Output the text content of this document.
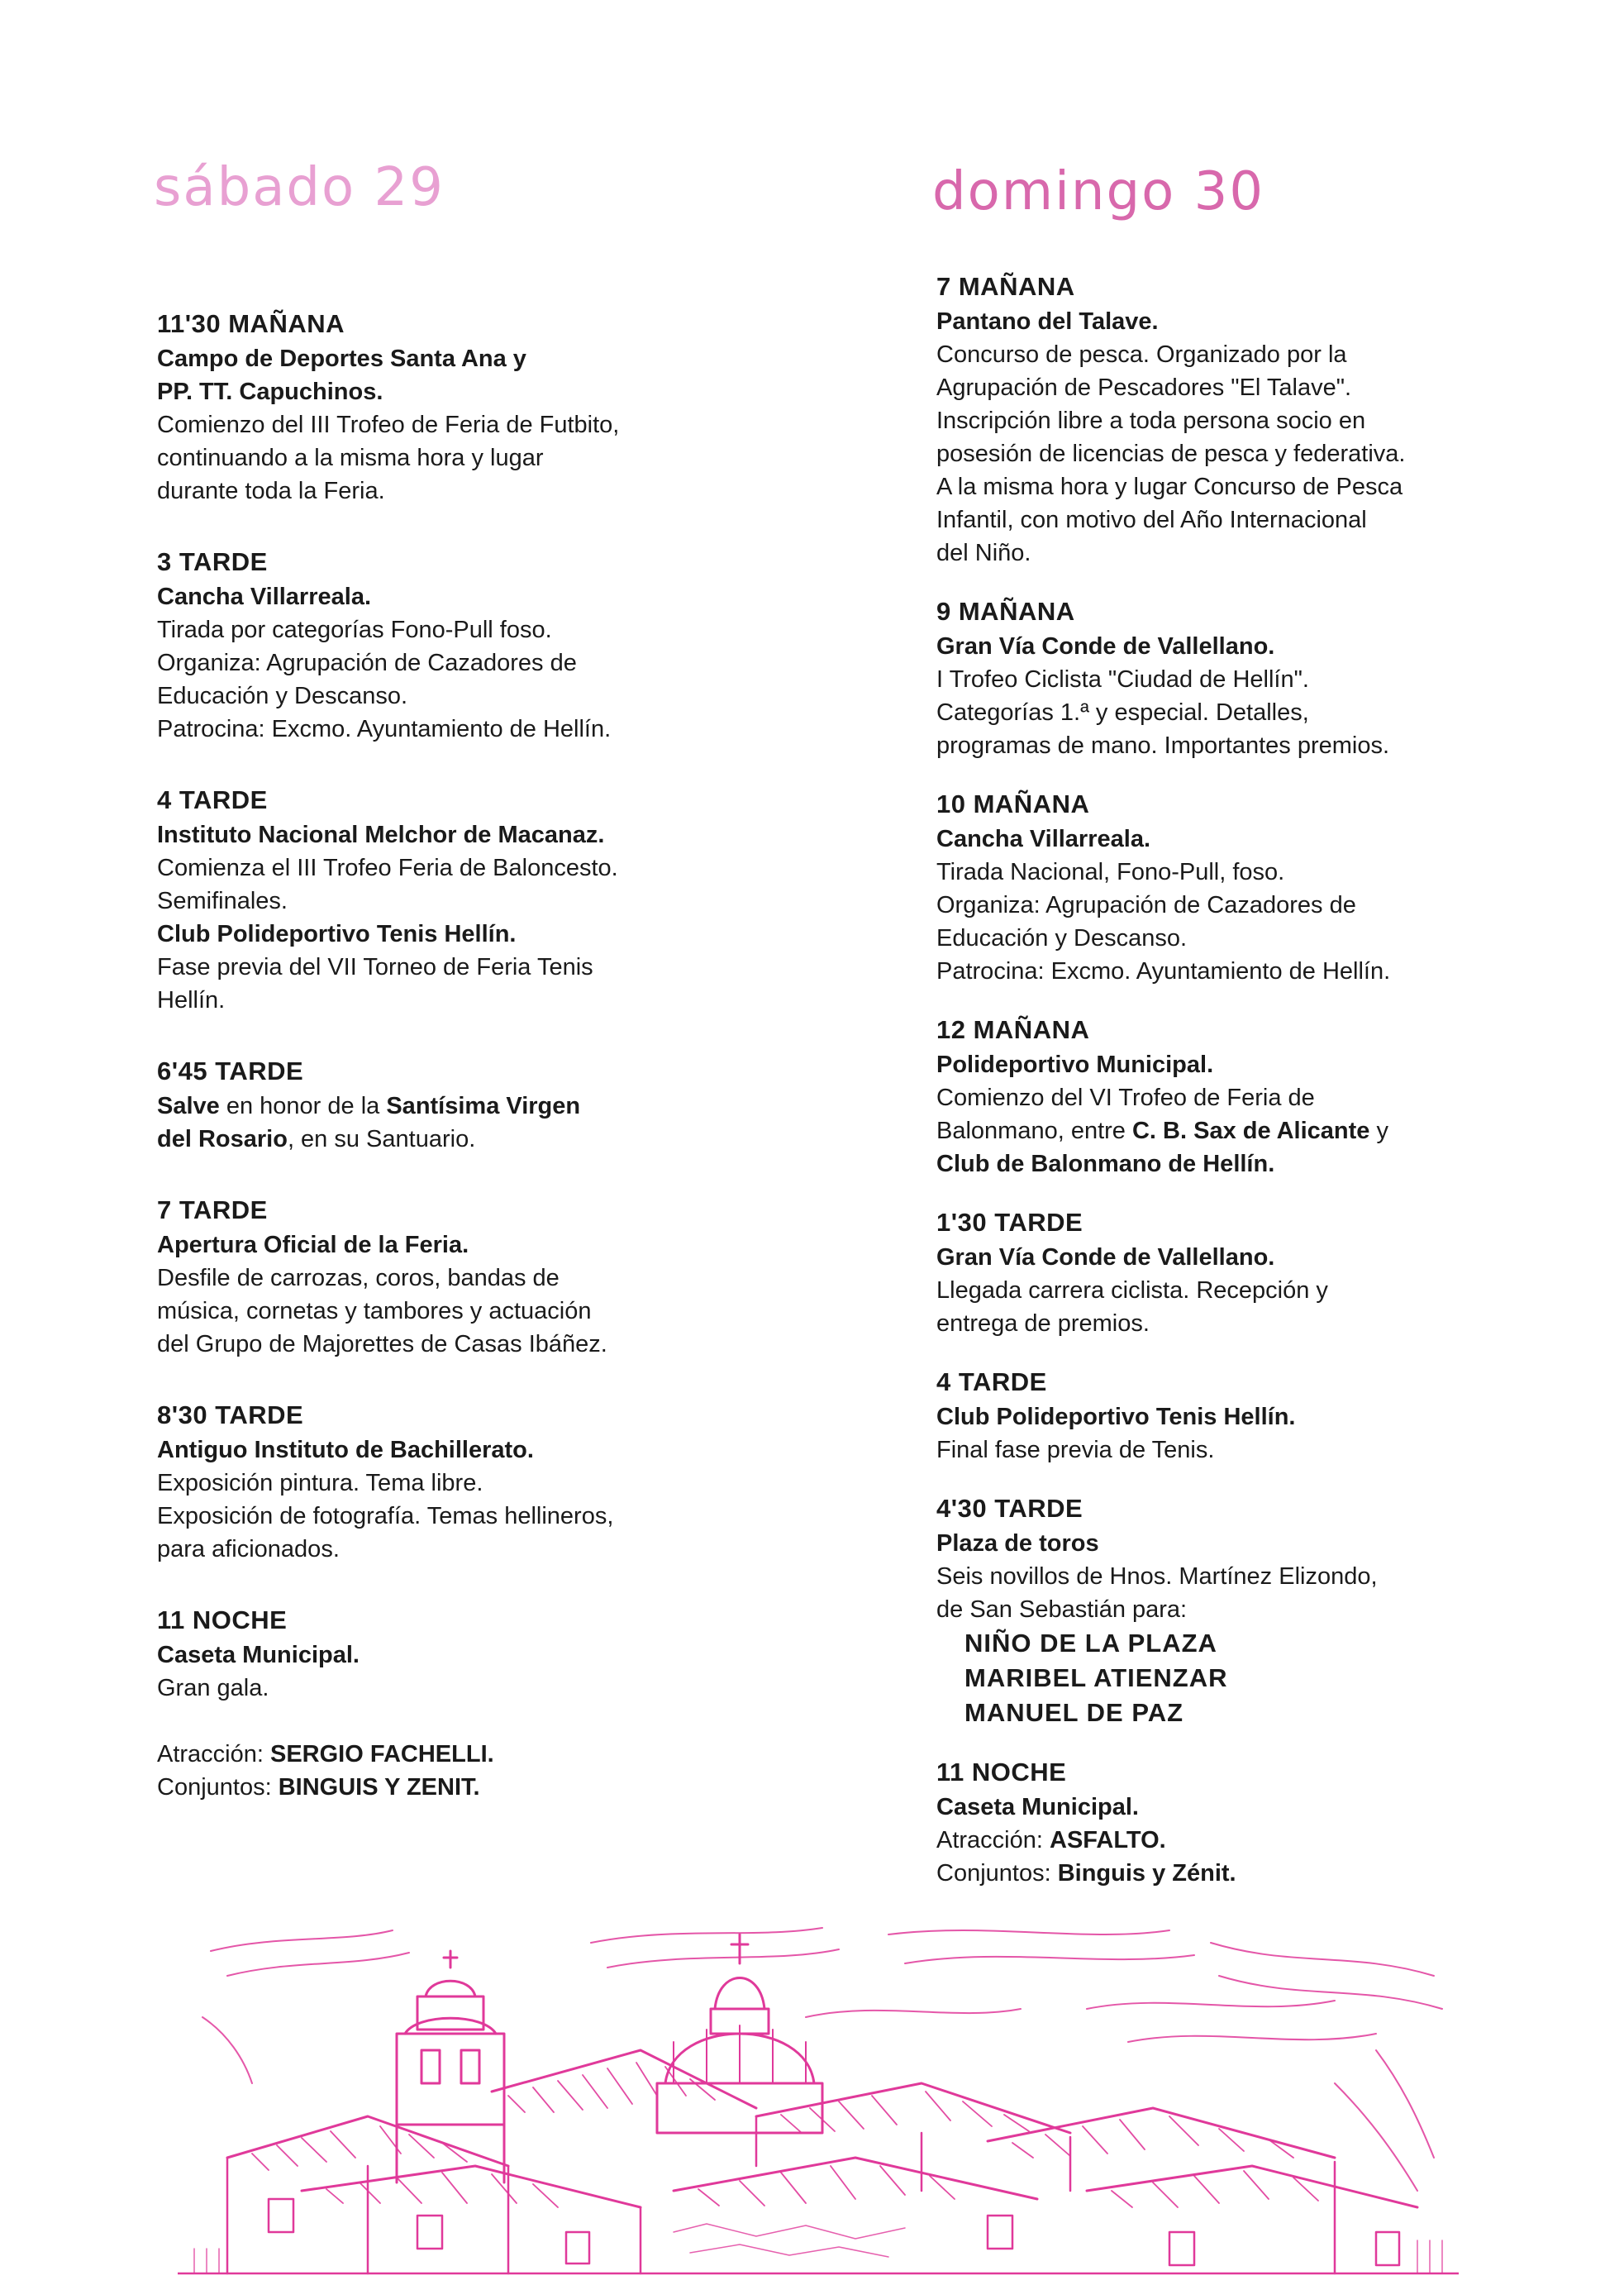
sábado 29	domingo 30

11'30 MAÑANA

Campo de Deportes Santa Ana y

PP. TT. Capuchinos.

Comienzo del III Trofeo de Feria de Futbito,

continuando a la misma hora y lugar

durante toda la Feria.

3 TARDE

Cancha Villarreala.

Tirada por categorías Fono-Pull foso.

Organiza: Agrupación de Cazadores de

Educación y Descanso.

Patrocina: Excmo. Ayuntamiento de Hellín.

4 TARDE

Instituto Nacional Melchor de Macanaz.

Comienza el III Trofeo Feria de Baloncesto.

Semifinales.

Club Polideportivo Tenis Hellín.

Fase previa del VII Torneo de Feria Tenis

Hellín.

6'45 TARDE

Salve en honor de la Santísima Virgen

del Rosario, en su Santuario.

7 TARDE

Apertura Oficial de la Feria.

Desfile de carrozas, coros, bandas de

música, cornetas y tambores y actuación

del Grupo de Majorettes de Casas Ibáñez.

8'30 TARDE

Antiguo Instituto de Bachillerato.

Exposición pintura. Tema libre.

Exposición de fotografía. Temas hellineros,

para aficionados.

11 NOCHE

Caseta Municipal.

Gran gala.

Atracción: SERGIO FACHELLI.

Conjuntos: BINGUIS Y ZENIT.

7 MAÑANA

Pantano del Talave.

Concurso de pesca. Organizado por la

Agrupación de Pescadores "El Talave".

Inscripción libre a toda persona socio en

posesión de licencias de pesca y federativa.

A la misma hora y lugar Concurso de Pesca

Infantil, con motivo del Año Internacional

del Niño.

9 MAÑANA

Gran Vía Conde de Vallellano.

I Trofeo Ciclista "Ciudad de Hellín".

Categorías 1.ª y especial. Detalles,

programas de mano. Importantes premios.

10 MAÑANA

Cancha Villarreala.

Tirada Nacional, Fono-Pull, foso.

Organiza: Agrupación de Cazadores de

Educación y Descanso.

Patrocina: Excmo. Ayuntamiento de Hellín.

12 MAÑANA

Polideportivo Municipal.

Comienzo del VI Trofeo de Feria de

Balonmano, entre C. B. Sax de Alicante y

Club de Balonmano de Hellín.

1'30 TARDE

Gran Vía Conde de Vallellano.

Llegada carrera ciclista. Recepción y

entrega de premios.

4 TARDE

Club Polideportivo Tenis Hellín.

Final fase previa de Tenis.

4'30 TARDE

Plaza de toros

Seis novillos de Hnos. Martínez Elizondo,

de San Sebastián para:

NIÑO DE LA PLAZA

MARIBEL ATIENZAR

MANUEL DE PAZ

11 NOCHE

Caseta Municipal.

Atracción: ASFALTO.

Conjuntos: Binguis y Zénit.
